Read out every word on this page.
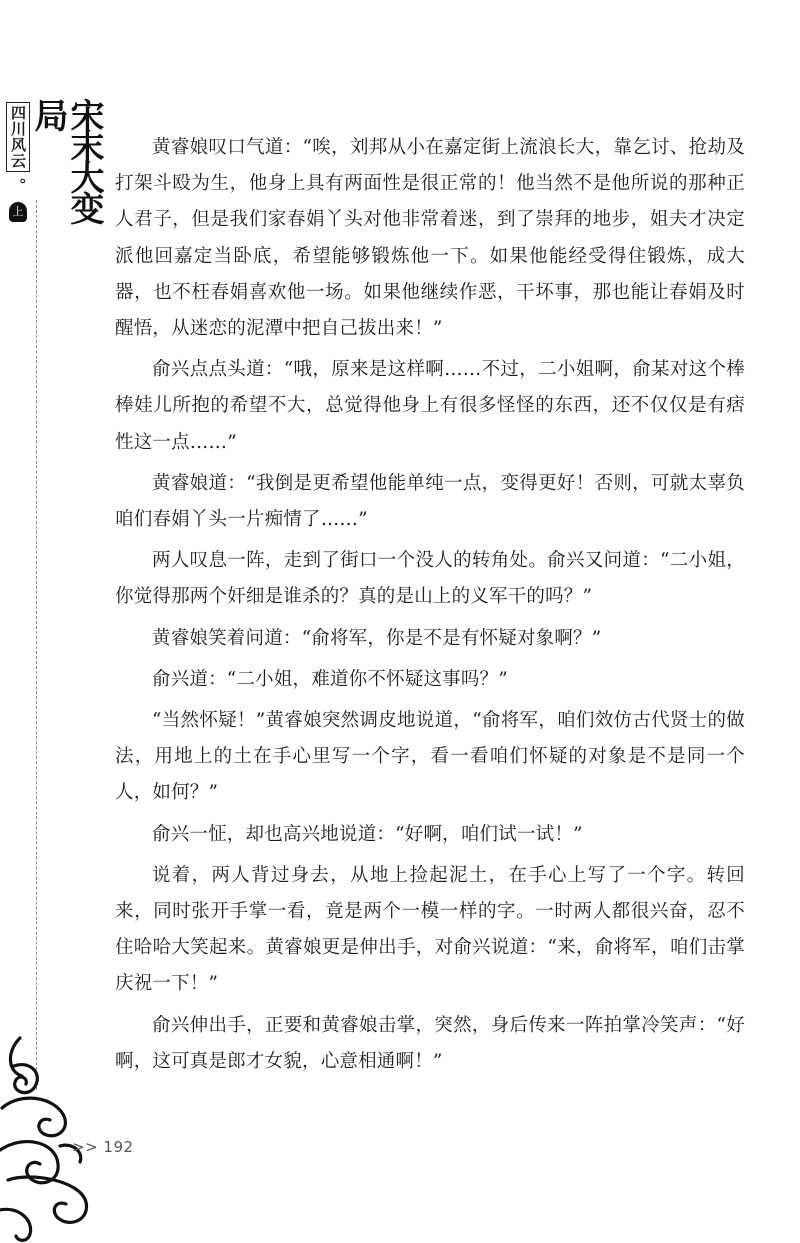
四川风云
。
上	宋末大变局

黄睿娘叹口气道：“唉，刘邦从小在嘉定街上流浪长大，靠乞讨、抢劫及打架斗殴为生，他身上具有两面性是很正常的！他当然不是他所说的那种正人君子，但是我们家春娟丫头对他非常着迷，到了崇拜的地步，姐夫才决定派他回嘉定当卧底，希望能够锻炼他一下。如果他能经受得住锻炼，成大器，也不枉春娟喜欢他一场。如果他继续作恶，干坏事，那也能让春娟及时醒悟，从迷恋的泥潭中把自己拔出来！”

俞兴点点头道：“哦，原来是这样啊……不过，二小姐啊，俞某对这个棒棒娃儿所抱的希望不大，总觉得他身上有很多怪怪的东西，还不仅仅是有痞性这一点……”

黄睿娘道：“我倒是更希望他能单纯一点，变得更好！否则，可就太辜负咱们春娟丫头一片痴情了……”

两人叹息一阵，走到了街口一个没人的转角处。俞兴又问道：“二小姐，你觉得那两个奸细是谁杀的？真的是山上的义军干的吗？”

黄睿娘笑着问道：“俞将军，你是不是有怀疑对象啊？”

俞兴道：“二小姐，难道你不怀疑这事吗？”

“当然怀疑！”黄睿娘突然调皮地说道，“俞将军，咱们效仿古代贤士的做法，用地上的土在手心里写一个字，看一看咱们怀疑的对象是不是同一个人，如何？”

俞兴一怔，却也高兴地说道：“好啊，咱们试一试！”

说着，两人背过身去，从地上捡起泥土，在手心上写了一个字。转回来，同时张开手掌一看，竟是两个一模一样的字。一时两人都很兴奋，忍不住哈哈大笑起来。黄睿娘更是伸出手，对俞兴说道：“来，俞将军，咱们击掌庆祝一下！”

俞兴伸出手，正要和黄睿娘击掌，突然，身后传来一阵拍掌冷笑声：“好啊，这可真是郎才女貌，心意相通啊！”

>> 192
